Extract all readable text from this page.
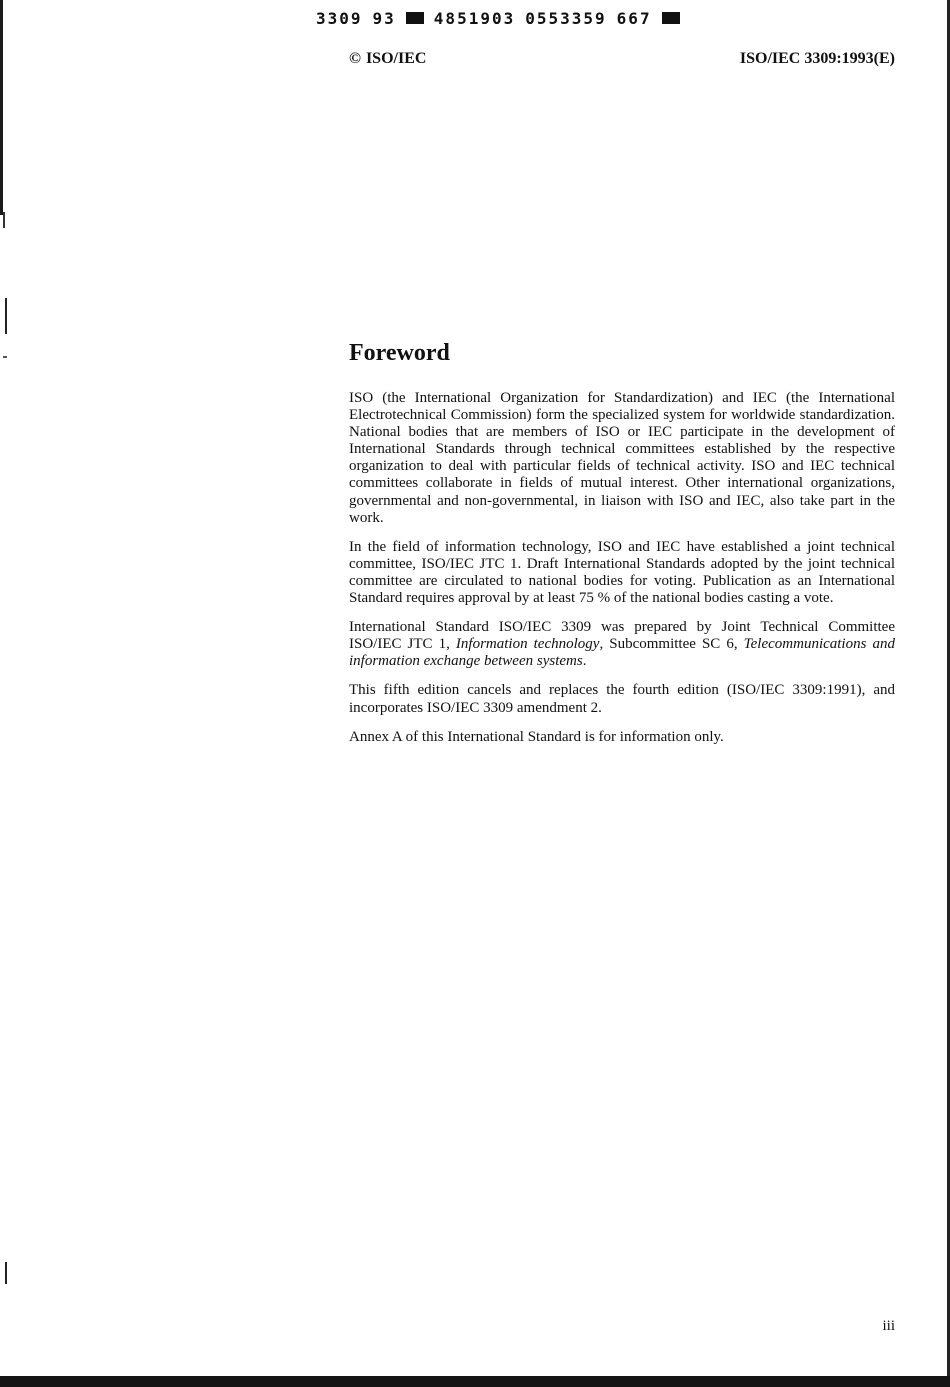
3309 93 4851903 0553359 667
© ISO/IEC	ISO/IEC 3309:1993(E)
Foreword

ISO (the International Organization for Standardization) and IEC (the International Electrotechnical Commission) form the specialized system for worldwide standardization. National bodies that are members of ISO or IEC participate in the development of International Standards through technical committees established by the respective organization to deal with particular fields of technical activity. ISO and IEC technical committees collaborate in fields of mutual interest. Other international organizations, governmental and non-governmental, in liaison with ISO and IEC, also take part in the work.

In the field of information technology, ISO and IEC have established a joint technical committee, ISO/IEC JTC 1. Draft International Standards adopted by the joint technical committee are circulated to national bodies for voting. Publication as an International Standard requires approval by at least 75 % of the national bodies casting a vote.

International Standard ISO/IEC 3309 was prepared by Joint Technical Committee ISO/IEC JTC 1, Information technology, Subcommittee SC 6, Telecommunications and information exchange between systems.

This fifth edition cancels and replaces the fourth edition (ISO/IEC 3309:1991), and incorporates ISO/IEC 3309 amendment 2.

Annex A of this International Standard is for information only.

iii
